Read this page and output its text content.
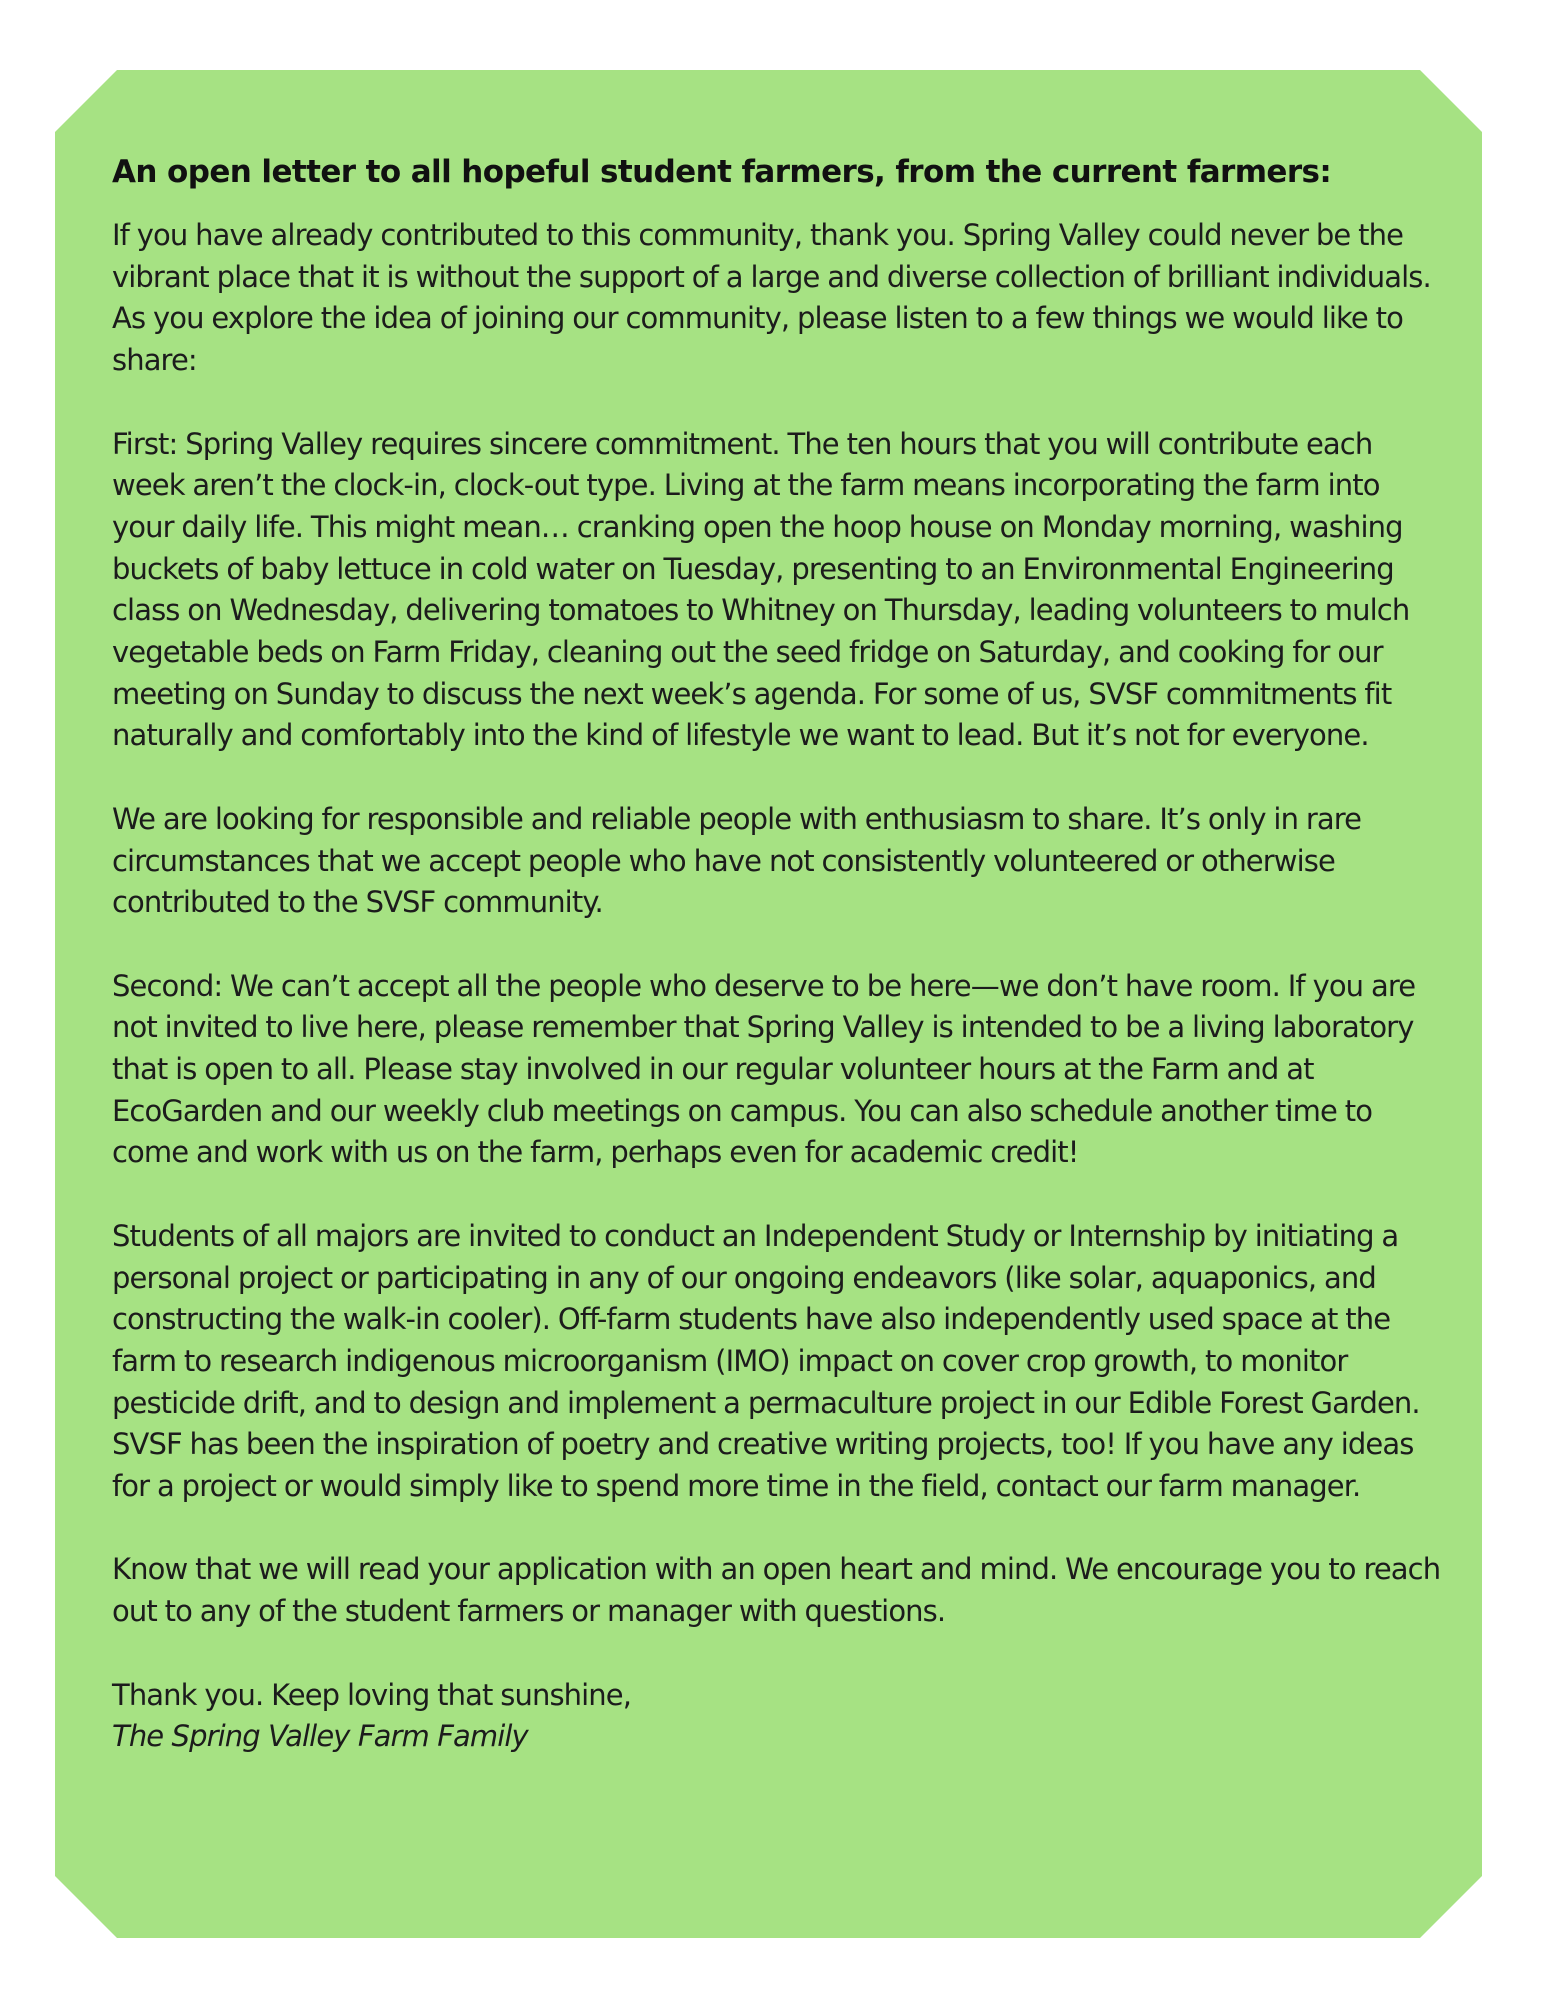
An open letter to all hopeful student farmers, from the current farmers:

If you have already contributed to this community, thank you. Spring Valley could never be the vibrant place that it is without the support of a large and diverse collection of brilliant individuals. As you explore the idea of joining our community, please listen to a few things we would like to share:

First: Spring Valley requires sincere commitment. The ten hours that you will contribute each week aren’t the clock-in, clock-out type. Living at the farm means incorporating the farm into your daily life. This might mean… cranking open the hoop house on Monday morning, washing buckets of baby lettuce in cold water on Tuesday, presenting to an Environmental Engineering class on Wednesday, delivering tomatoes to Whitney on Thursday, leading volunteers to mulch vegetable beds on Farm Friday, cleaning out the seed fridge on Saturday, and cooking for our meeting on Sunday to discuss the next week’s agenda. For some of us, SVSF commitments fit naturally and comfortably into the kind of lifestyle we want to lead. But it’s not for everyone.

We are looking for responsible and reliable people with enthusiasm to share. It’s only in rare circumstances that we accept people who have not consistently volunteered or otherwise contributed to the SVSF community.

Second: We can’t accept all the people who deserve to be here—we don’t have room. If you are not invited to live here, please remember that Spring Valley is intended to be a living laboratory that is open to all. Please stay involved in our regular volunteer hours at the Farm and at EcoGarden and our weekly club meetings on campus. You can also schedule another time to come and work with us on the farm, perhaps even for academic credit!

Students of all majors are invited to conduct an Independent Study or Internship by initiating a personal project or participating in any of our ongoing endeavors (like solar, aquaponics, and constructing the walk-in cooler). Off-farm students have also independently used space at the farm to research indigenous microorganism (IMO) impact on cover crop growth, to monitor pesticide drift, and to design and implement a permaculture project in our Edible Forest Garden. SVSF has been the inspiration of poetry and creative writing projects, too! If you have any ideas for a project or would simply like to spend more time in the field, contact our farm manager.

Know that we will read your application with an open heart and mind. We encourage you to reach out to any of the student farmers or manager with questions.

Thank you. Keep loving that sunshine,

The Spring Valley Farm Family
